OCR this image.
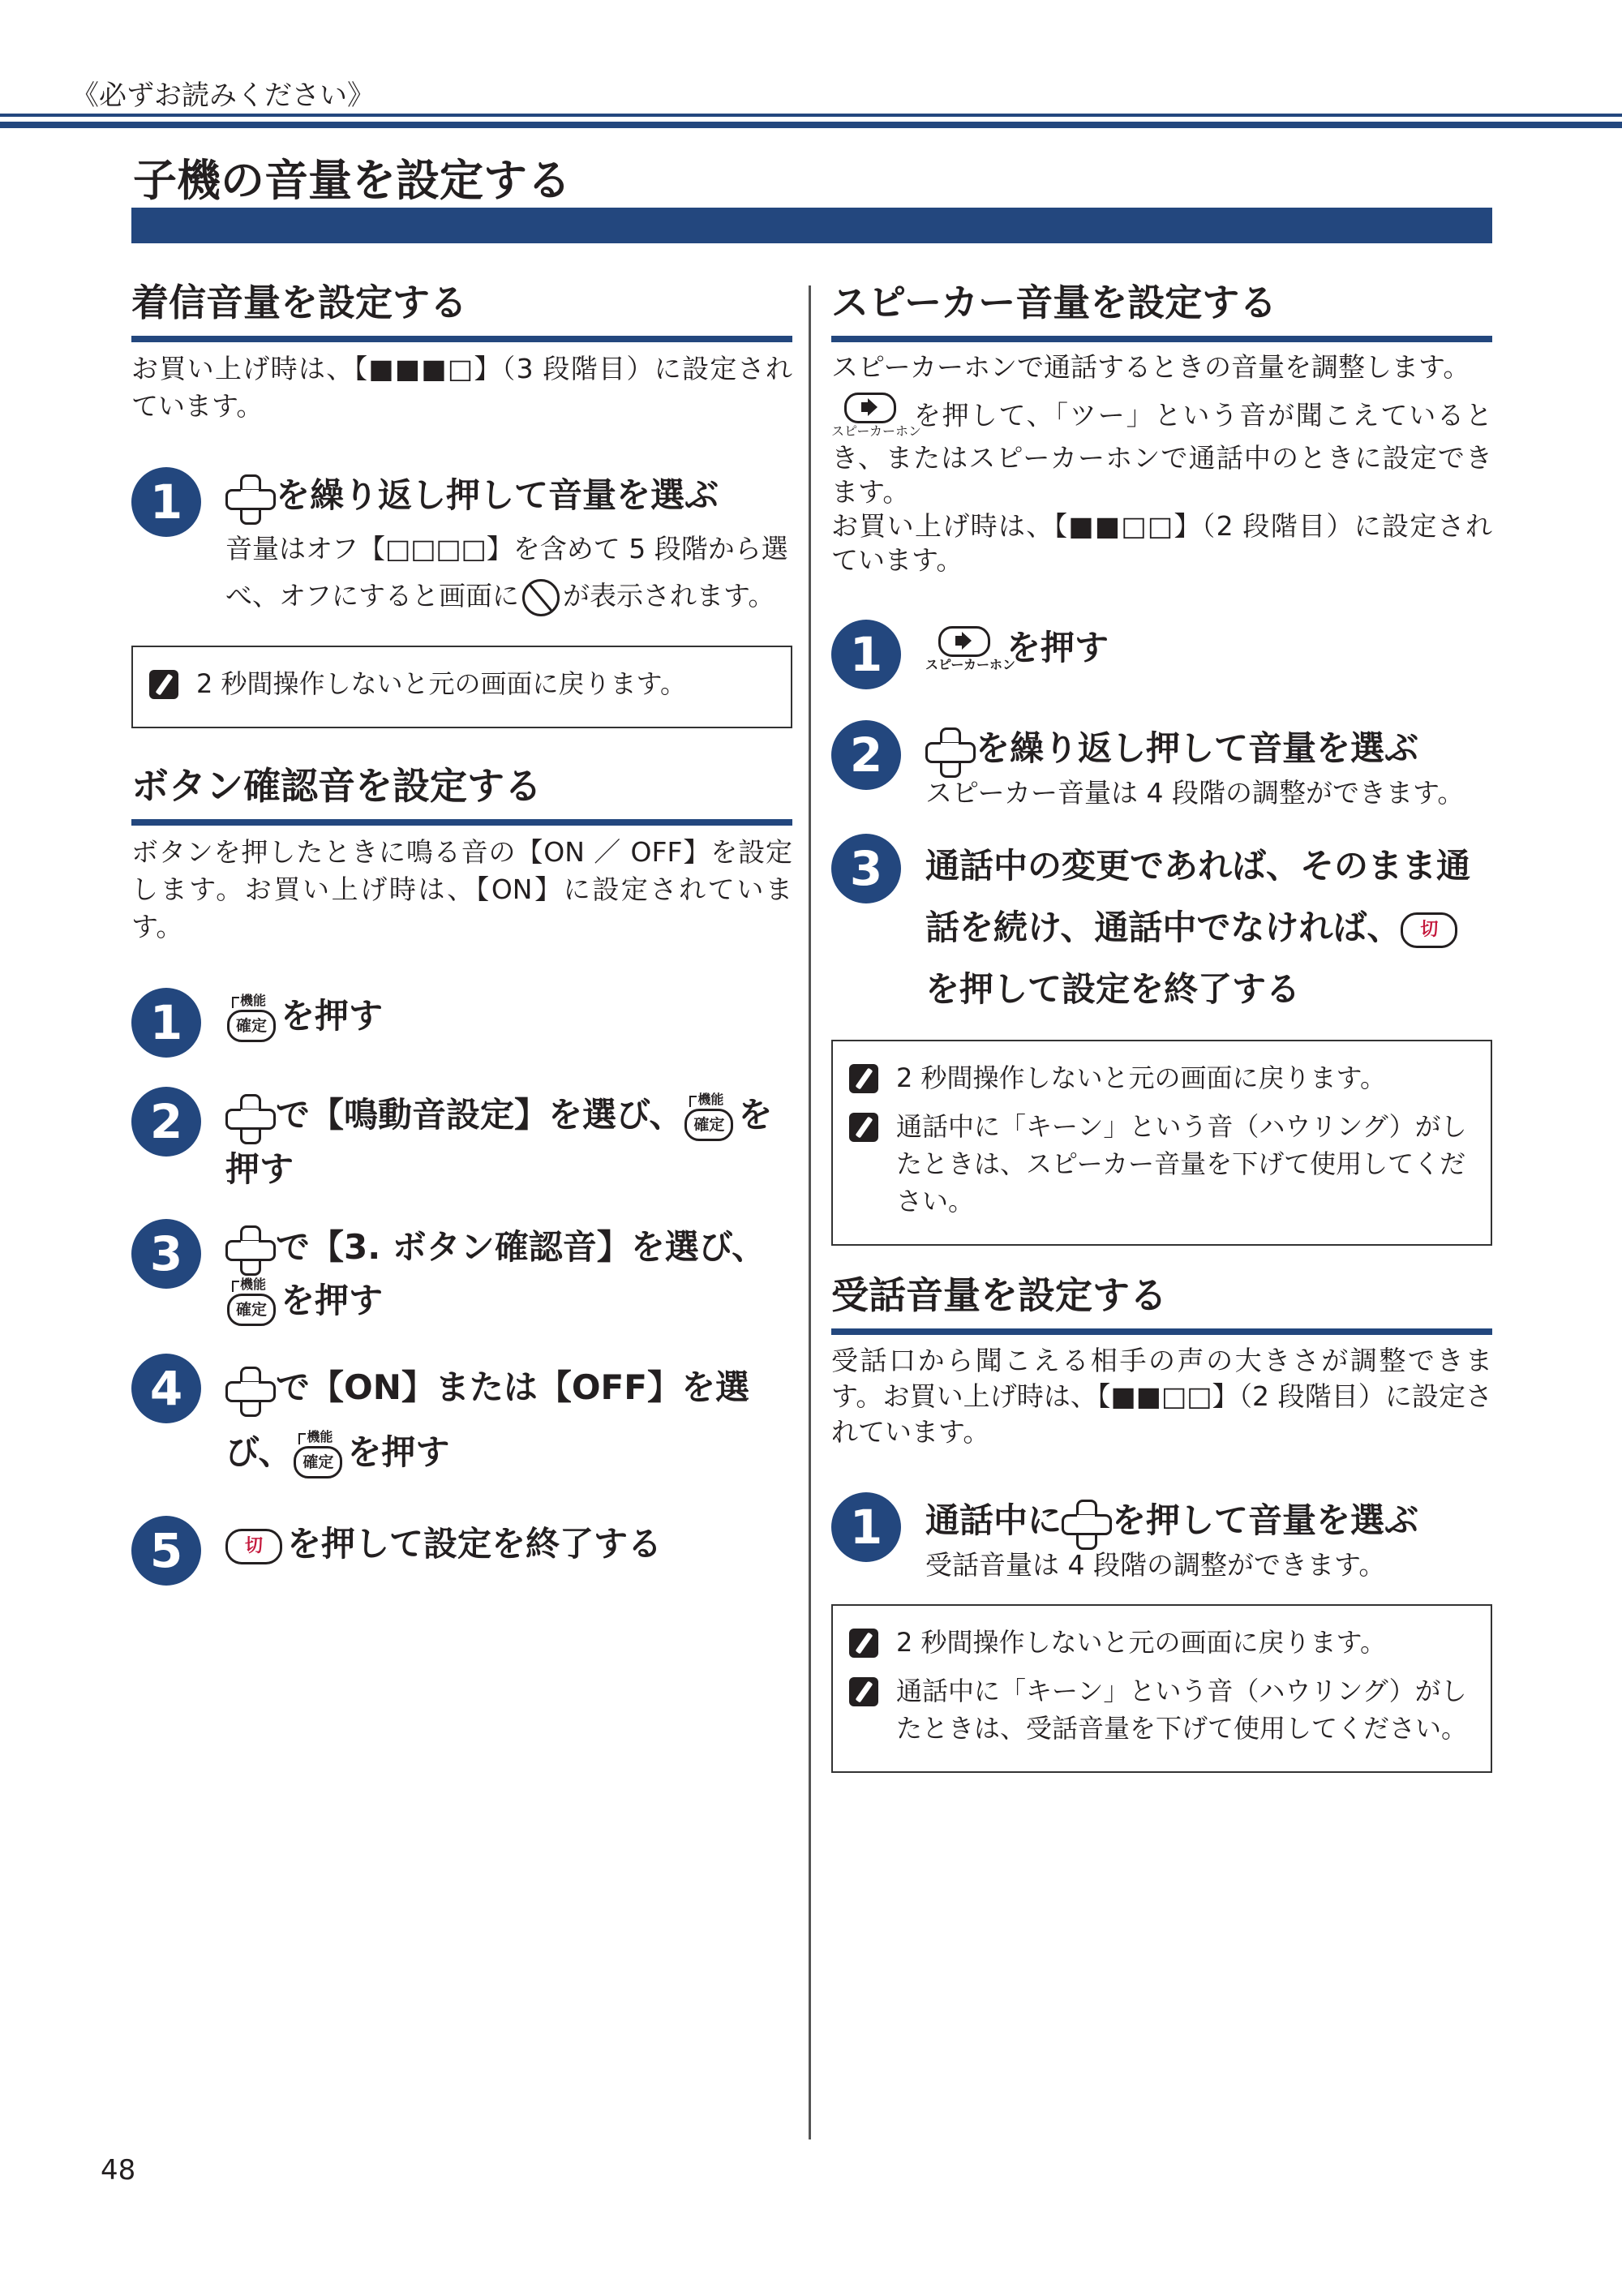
《必ずお読みください》
子機の音量を設定する
着信音量を設定する

お買い上げ時は、【■■■□】（3 段階目）に設定されています。

1	を繰り返し押して音量を選ぶ
音量はオフ【□□□□】を含めて 5 段階から選べ、オフにすると画面に が表示されます。
2 秒間操作しないと元の画面に戻ります。
ボタン確認音を設定する

ボタンを押したときに鳴る音の【ON ／ OFF】を設定します。お買い上げ時は、【ON】に設定されています。

1	機能
確定 を押す
2	で【鳴動音設定】を選び、 機能
確定 を押す
3	で【3. ボタン確認音】を選び、
機能
確定 を押す
4	で【ON】または【OFF】を選び、 機能
確定 を押す
5	切 を押して設定を終了する
スピーカー音量を設定する

スピーカーホンで通話するときの音量を調整します。

スピーカーホン
を押して、「ツー」という音が聞こえているとき、またはスピーカーホンで通話中のときに設定できます。

お買い上げ時は、【■■□□】（2 段階目）に設定されています。

1	スピーカーホン
を押す
2	を繰り返し押して音量を選ぶ
スピーカー音量は 4 段階の調整ができます。
3	通話中の変更であれば、そのまま通話を続け、通話中でなければ、 切を押して設定を終了する
2 秒間操作しないと元の画面に戻ります。
通話中に「キーン」という音（ハウリング）がしたときは、スピーカー音量を下げて使用してください。
受話音量を設定する

受話口から聞こえる相手の声の大きさが調整できます。お買い上げ時は、【■■□□】（2 段階目）に設定されています。

1	通話中に を押して音量を選ぶ
受話音量は 4 段階の調整ができます。
2 秒間操作しないと元の画面に戻ります。
通話中に「キーン」という音（ハウリング）がしたときは、受話音量を下げて使用してください。
48
